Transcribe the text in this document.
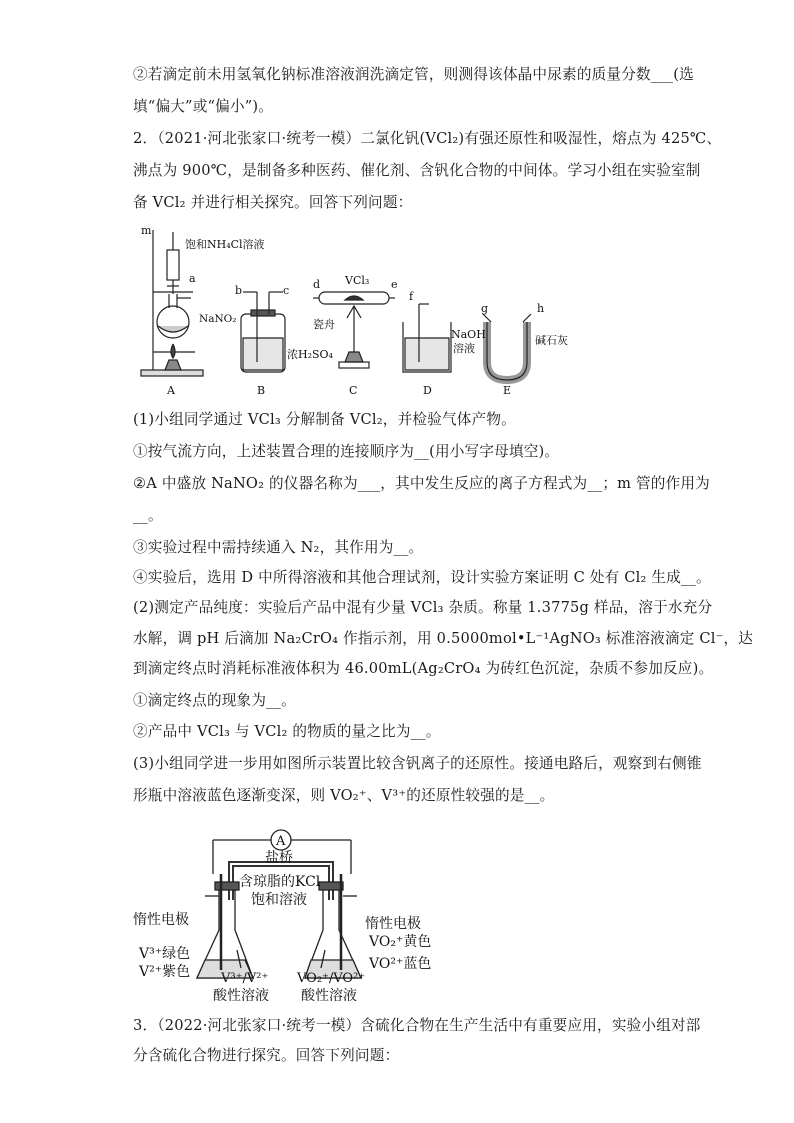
②若滴定前未用氢氧化钠标准溶液润洗滴定管，则测得该体晶中尿素的质量分数___(选
填“偏大”或“偏小”)。
2．（2021·河北张家口·统考一模）二氯化钒(VCl₂)有强还原性和吸湿性，熔点为 425℃、
沸点为 900℃，是制备多种医药、催化剂、含钒化合物的中间体。学习小组在实验室制
备 VCl₂ 并进行相关探究。回答下列问题：
m
a
饱和NH₄Cl溶液
NaNO₂
b	c
浓H₂SO₄
VCl₃
d	e
瓷舟
f
NaOH
溶液
g	h
碱石灰
A	B	C	D	E
(1)小组同学通过 VCl₃ 分解制备 VCl₂，并检验气体产物。
①按气流方向，上述装置合理的连接顺序为__(用小写字母填空)。
②A 中盛放 NaNO₂ 的仪器名称为___，其中发生反应的离子方程式为__；m 管的作用为
__。
③实验过程中需持续通入 N₂，其作用为__。
④实验后，选用 D 中所得溶液和其他合理试剂，设计实验方案证明 C 处有 Cl₂ 生成__。
(2)测定产品纯度：实验后产品中混有少量 VCl₃ 杂质。称量 1.3775g 样品，溶于水充分
水解，调 pH 后滴加 Na₂CrO₄ 作指示剂，用 0.5000mol•L⁻¹AgNO₃ 标准溶液滴定 Cl⁻，达
到滴定终点时消耗标准液体积为 46.00mL(Ag₂CrO₄ 为砖红色沉淀，杂质不参加反应)。
①滴定终点的现象为__。
②产品中 VCl₃ 与 VCl₂ 的物质的量之比为__。
(3)小组同学进一步用如图所示装置比较含钒离子的还原性。接通电路后，观察到右侧锥
形瓶中溶液蓝色逐渐变深，则 VO₂⁺、V³⁺的还原性较强的是__。
A
盐桥
含琼脂的KCl
饱和溶液
惰性电极	惰性电极
V³⁺绿色
V²⁺紫色 V³⁺/V²⁺
酸性溶液
VO₂⁺黄色
VO²⁺蓝色
VO₂⁺/VO²⁺
酸性溶液
3．（2022·河北张家口·统考一模）含硫化合物在生产生活中有重要应用，实验小组对部
分含硫化合物进行探究。回答下列问题：
